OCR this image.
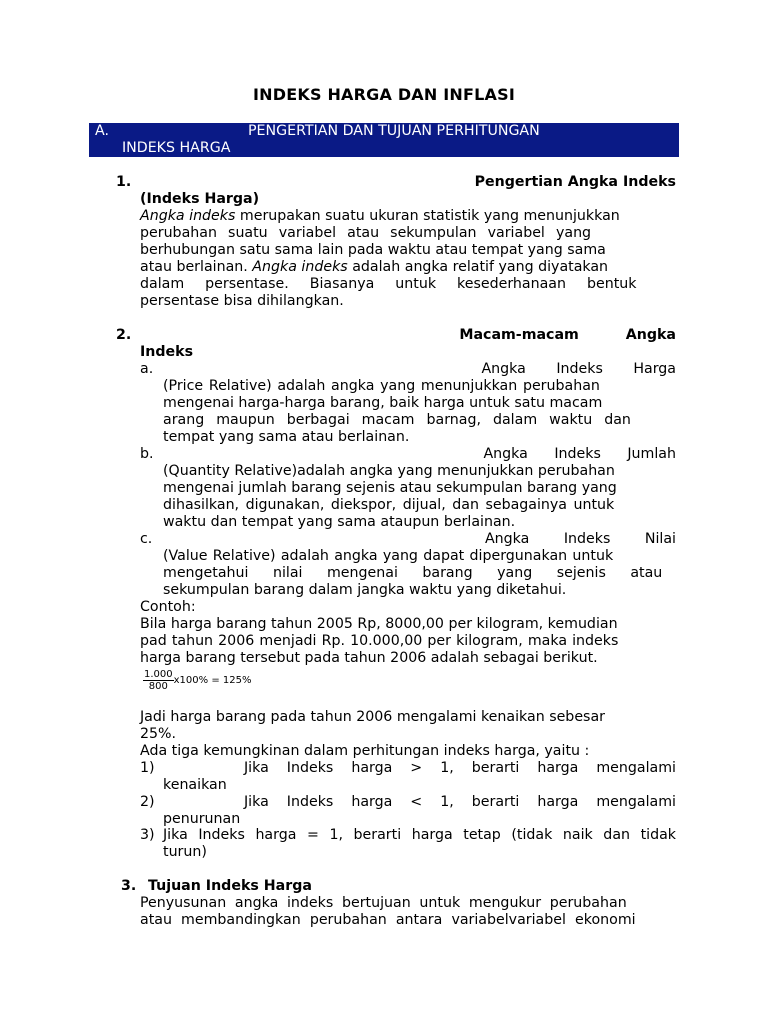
INDEKS HARGA DAN INFLASI
A.	PENGERTIAN DAN TUJUAN PERHITUNGAN
INDEKS HARGA
1.	Pengertian Angka Indeks
(Indeks Harga)
Angka indeks merupakan suatu ukuran statistik yang menunjukkan
perubahan suatu variabel atau sekumpulan variabel yang
berhubungan satu sama lain pada waktu atau tempat yang sama
atau berlainan. Angka indeks adalah angka relatif yang diyatakan
dalam persentase. Biasanya untuk kesederhanaan bentuk
persentase bisa dihilangkan.
2.	Macam-macam Angka
Indeks
a.	Angka Indeks Harga
(Price Relative) adalah angka yang menunjukkan perubahan
mengenai harga-harga barang, baik harga untuk satu macam
arang maupun berbagai macam barnag, dalam waktu dan
tempat yang sama atau berlainan.
b.	Angka Indeks Jumlah
(Quantity Relative)adalah angka yang menunjukkan perubahan
mengenai jumlah barang sejenis atau sekumpulan barang yang
dihasilkan, digunakan, diekspor, dijual, dan sebagainya untuk
waktu dan tempat yang sama ataupun berlainan.
c.	Angka Indeks Nilai
(Value Relative) adalah angka yang dapat dipergunakan untuk
mengetahui nilai mengenai barang yang sejenis atau
sekumpulan barang dalam jangka waktu yang diketahui.
Contoh:
Bila harga barang tahun 2005 Rp, 8000,00 per kilogram, kemudian
pad tahun 2006 menjadi Rp. 10.000,00 per kilogram, maka indeks
harga barang tersebut pada tahun 2006 adalah sebagai berikut.
$\frac{1.000}{800} x100\% = 125\%$
Jadi harga barang pada tahun 2006 mengalami kenaikan sebesar
25%.
Ada tiga kemungkinan dalam perhitungan indeks harga, yaitu :
1)	Jika Indeks harga > 1, berarti harga mengalami
kenaikan
2)	Jika Indeks harga < 1, berarti harga mengalami
penurunan
3) Jika Indeks harga = 1, berarti harga tetap (tidak naik dan tidak
turun)
3. Tujuan Indeks Harga
Penyusunan angka indeks bertujuan untuk mengukur perubahan
atau membandingkan perubahan antara variabelvariabel ekonomi
